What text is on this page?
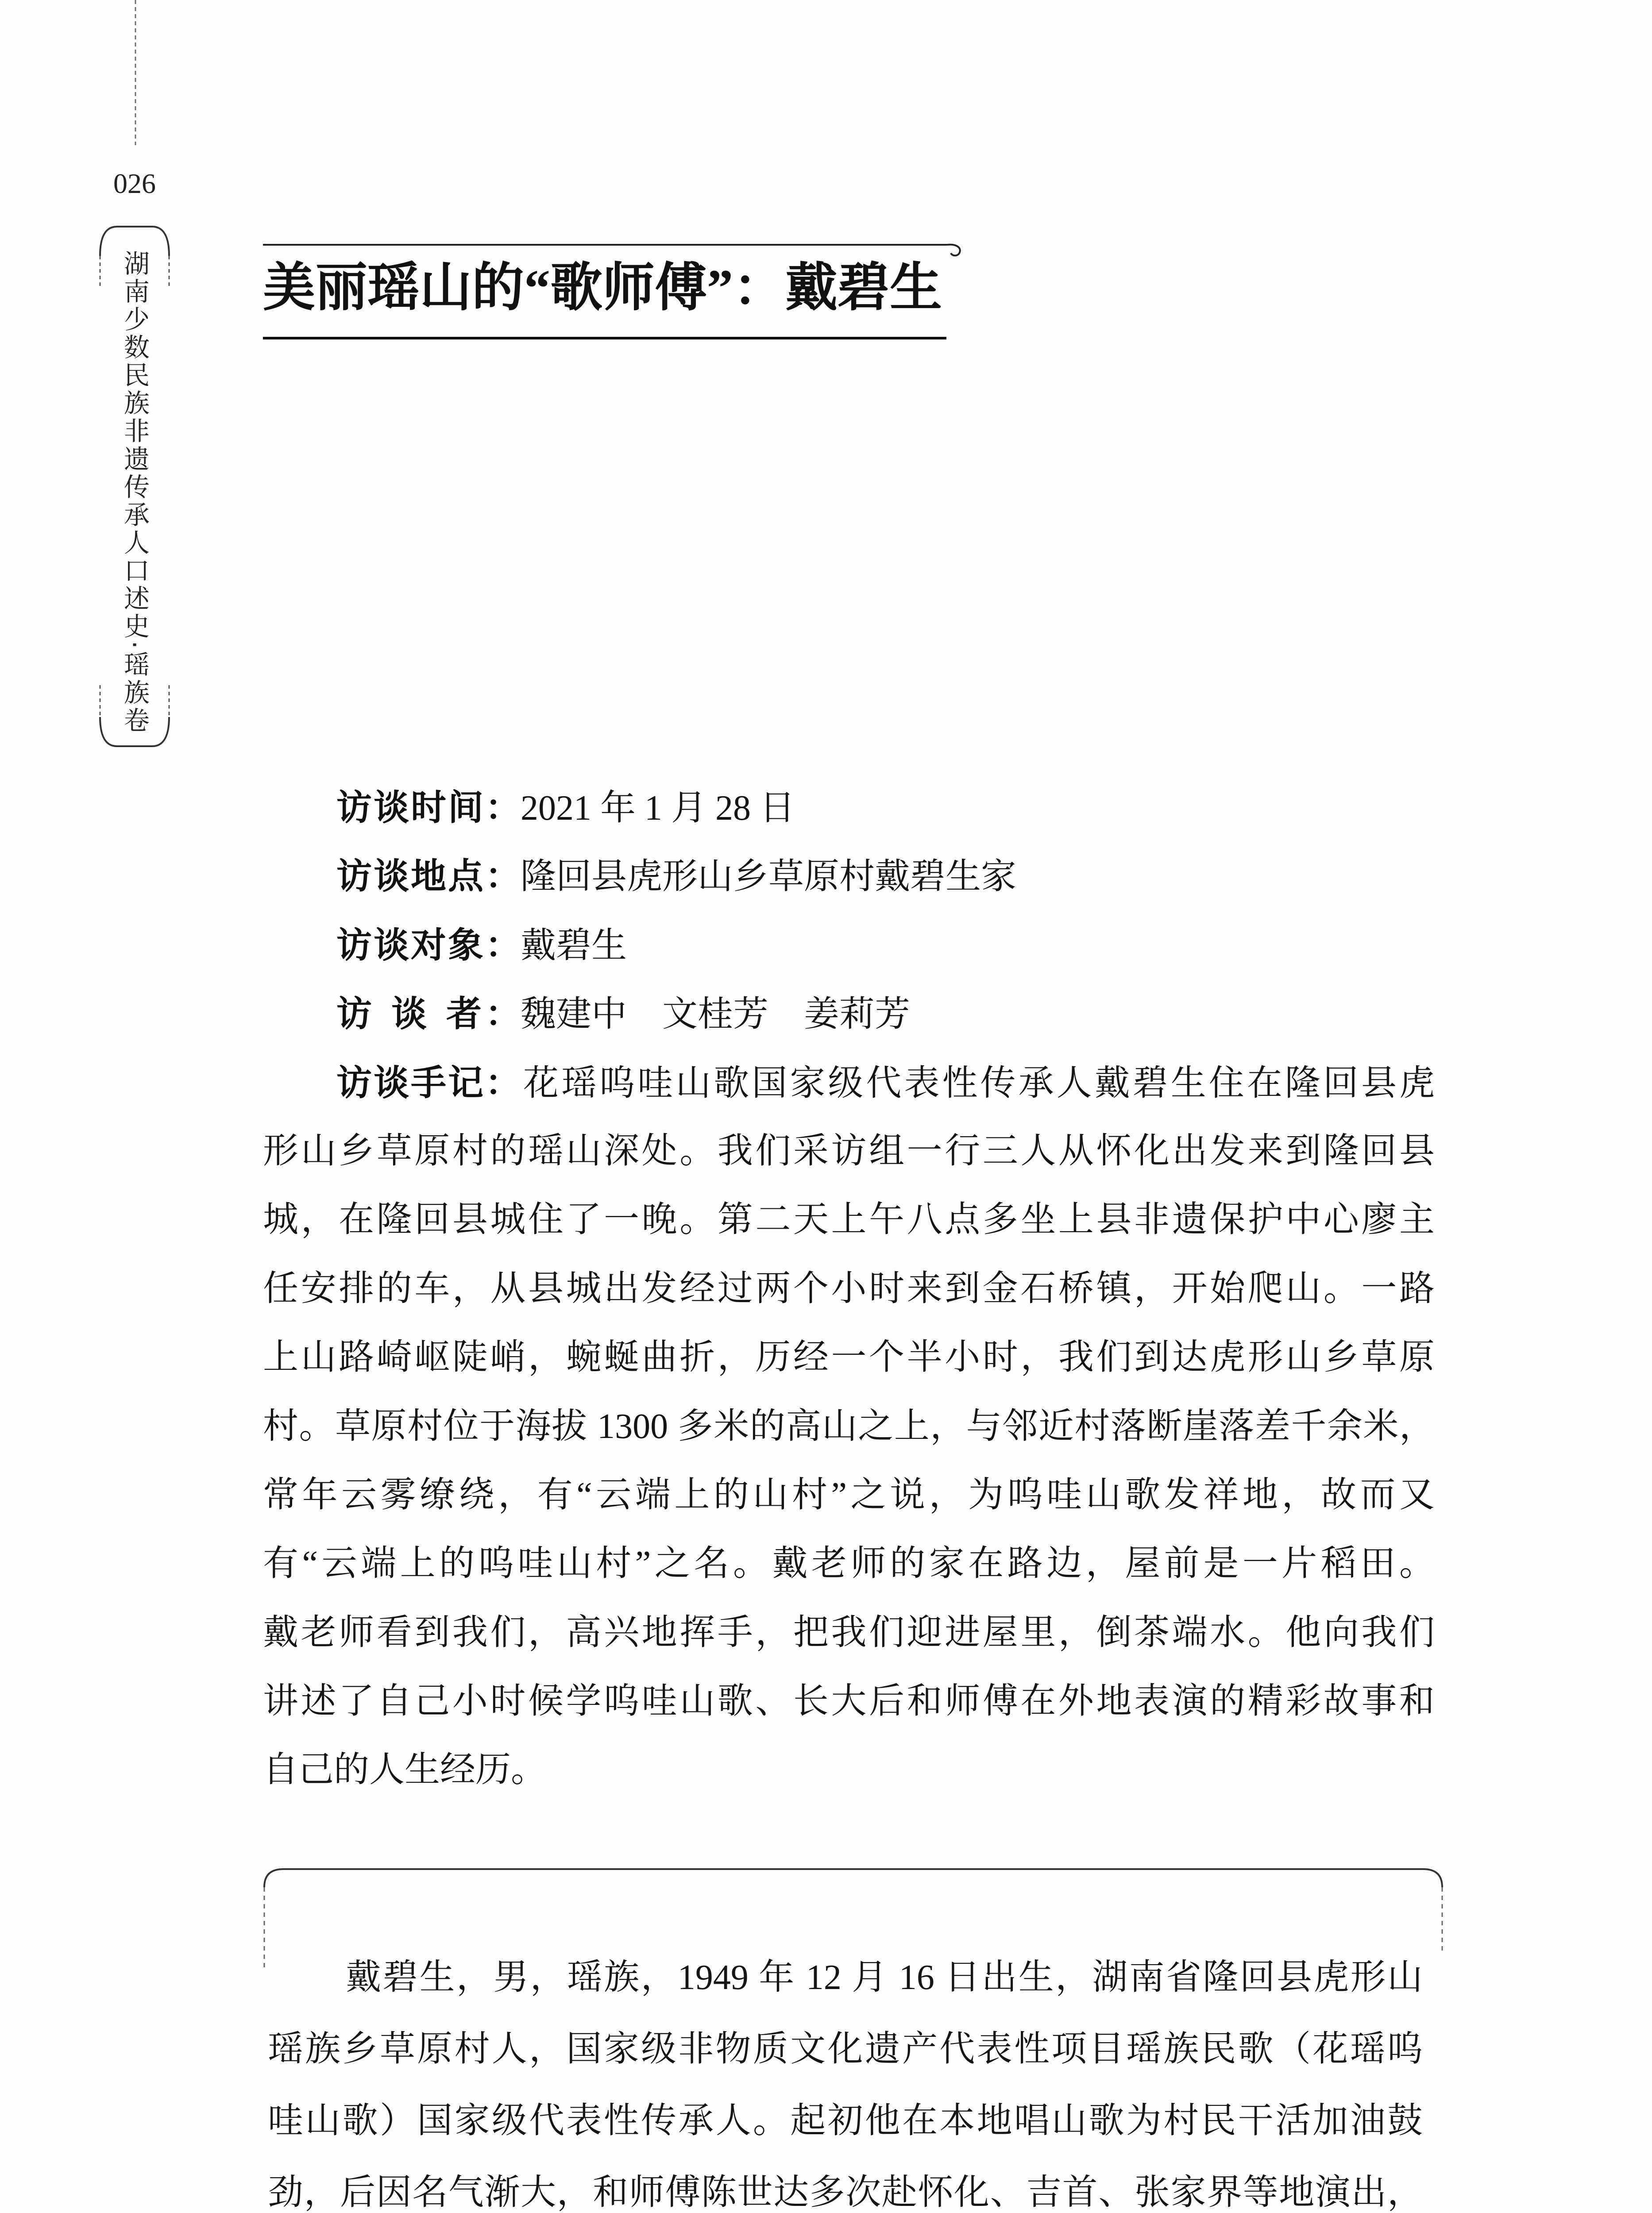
026
湖南少数民族非遗传承人口述史·瑶族卷 美丽瑶山的“歌师傅”：戴碧生
访谈时间：2021 年 1 月 28 日
访谈地点：隆回县虎形山乡草原村戴碧生家
访谈对象：戴碧生
访 谈 者：魏建中　文桂芳　姜莉芳
访谈手记：花瑶呜哇山歌国家级代表性传承人戴碧生住在隆回县虎
形山乡草原村的瑶山深处。我们采访组一行三人从怀化出发来到隆回县
城，在隆回县城住了一晚。第二天上午八点多坐上县非遗保护中心廖主
任安排的车，从县城出发经过两个小时来到金石桥镇，开始爬山。一路
上山路崎岖陡峭，蜿蜒曲折，历经一个半小时，我们到达虎形山乡草原
村。草原村位于海拔 1300 多米的高山之上，与邻近村落断崖落差千余米，
常年云雾缭绕，有“云端上的山村”之说，为呜哇山歌发祥地，故而又
有“云端上的呜哇山村”之名。戴老师的家在路边，屋前是一片稻田。
戴老师看到我们，高兴地挥手，把我们迎进屋里，倒茶端水。他向我们
讲述了自己小时候学呜哇山歌、长大后和师傅在外地表演的精彩故事和
自己的人生经历。
戴碧生，男，瑶族，1949 年 12 月 16 日出生，湖南省隆回县虎形山
瑶族乡草原村人，国家级非物质文化遗产代表性项目瑶族民歌（花瑶呜
哇山歌）国家级代表性传承人。起初他在本地唱山歌为村民干活加油鼓
劲，后因名气渐大，和师傅陈世达多次赴怀化、吉首、张家界等地演出，
